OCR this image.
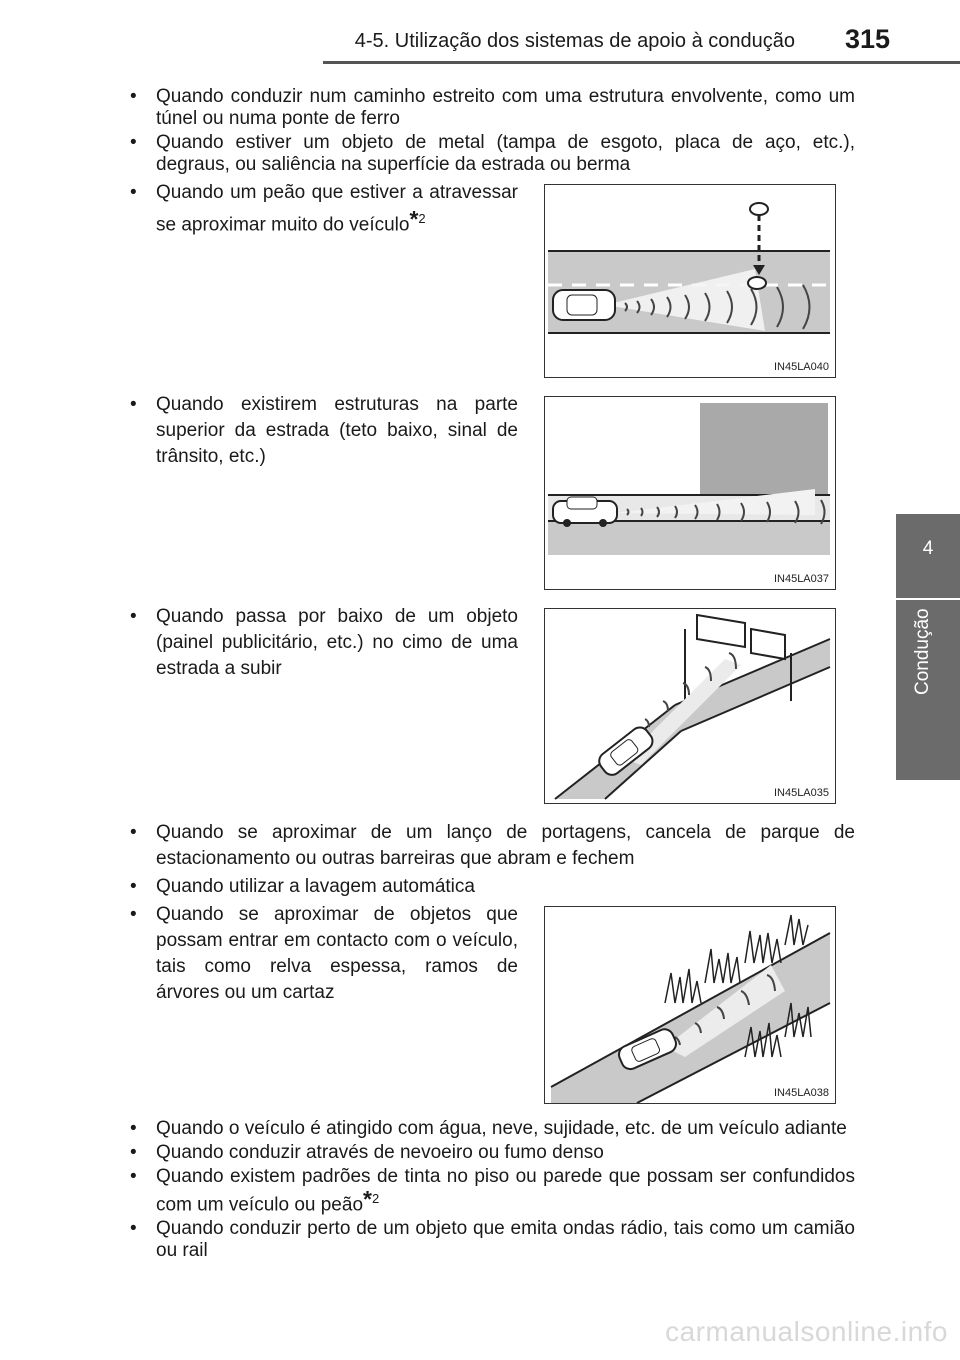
4-5. Utilização dos sistemas de apoio à condução 315
4
Condução
• Quando conduzir num caminho estreito com uma estrutura envolvente, como um túnel ou numa ponte de ferro
• Quando estiver um objeto de metal (tampa de esgoto, placa de aço, etc.), degraus, ou saliência na superfície da estrada ou berma
• Quando um peão que estiver a atravessar se aproximar muito do veículo*$^2$
IN45LA040
• Quando existirem estruturas na parte superior da estrada (teto baixo, sinal de trânsito, etc.)
IN45LA037
• Quando passa por baixo de um objeto (painel publicitário, etc.) no cimo de uma estrada a subir
IN45LA035
• Quando se aproximar de um lanço de portagens, cancela de parque de estacionamento ou outras barreiras que abram e fechem
• Quando utilizar a lavagem automática
• Quando se aproximar de objetos que possam entrar em contacto com o veículo, tais como relva espessa, ramos de árvores ou um cartaz
IN45LA038
• Quando o veículo é atingido com água, neve, sujidade, etc. de um veículo adiante
• Quando conduzir através de nevoeiro ou fumo denso
• Quando existem padrões de tinta no piso ou parede que possam ser confundidos com um veículo ou peão*$^2$
• Quando conduzir perto de um objeto que emita ondas rádio, tais como um camião ou rail
carmanualsonline.info
